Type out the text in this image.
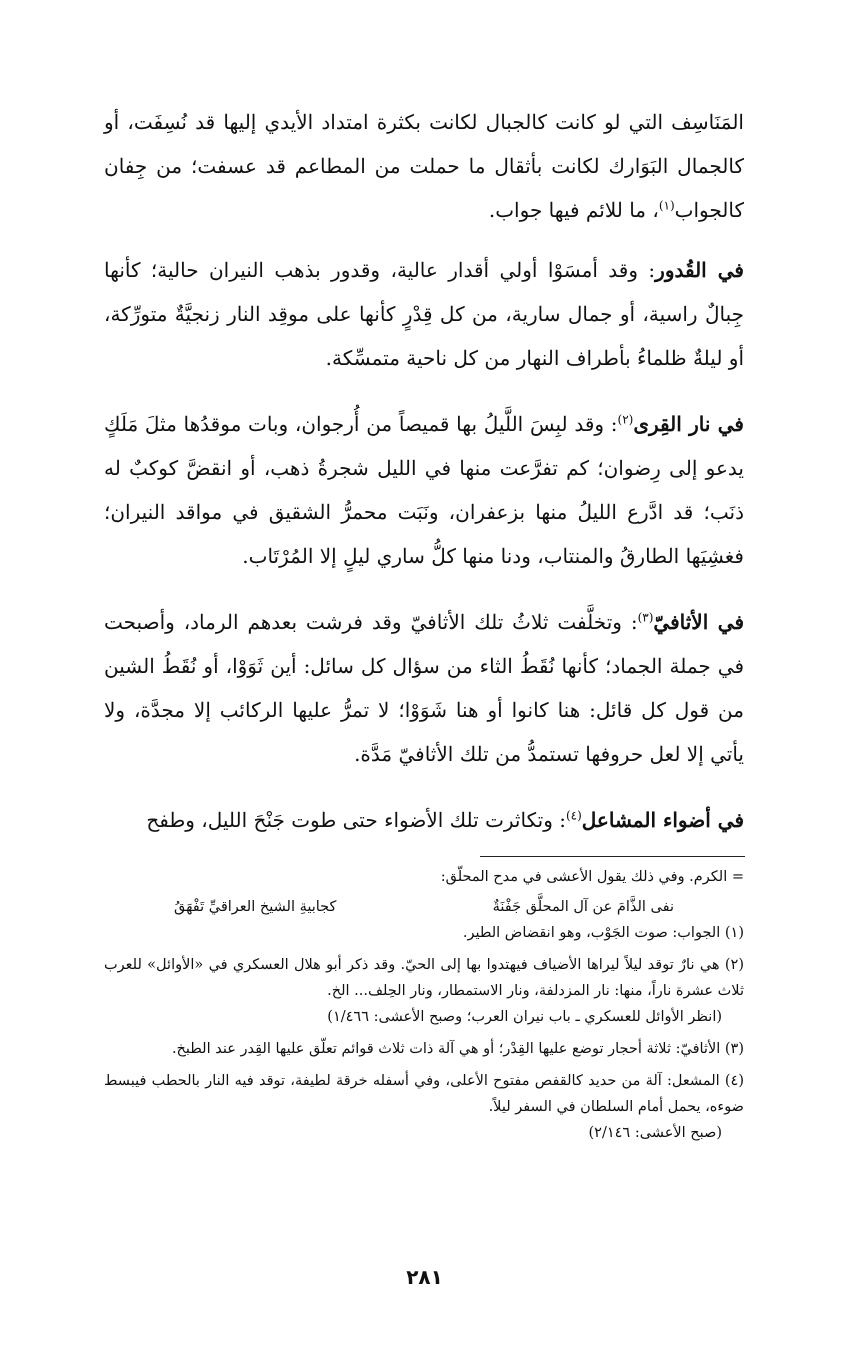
المَنَاسِف التي لو كانت كالجبال لكانت بكثرة امتداد الأيدي إليها قد نُسِفَت، أو كالجمال البَوَارك لكانت بأثقال ما حملت من المطاعم قد عسفت؛ من جِفان كالجواب$^{(١)}$، ما للائم فيها جواب.

في القُدور: وقد أمسَوْا أولي أقدار عالية، وقدور بذهب النيران حالية؛ كأنها جِبالٌ راسية، أو جمال سارية، من كل قِدْرٍ كأنها على موقِد النار زنجيَّةٌ متورِّكة، أو ليلةٌ ظلماءُ بأطراف النهار من كل ناحية متمسِّكة.

في نار القِرى$^{(٢)}$: وقد لبِسَ اللَّيلُ بها قميصاً من أُرجوان، وبات موقدُها مثلَ مَلَكٍ يدعو إلى رِضوان؛ كم تفرَّعت منها في الليل شجرةُ ذهب، أو انقضَّ كوكبٌ له ذنَب؛ قد ادَّرع الليلُ منها بزعفران، ونَبَت محمرُّ الشقيق في مواقد النيران؛ فغشِيَها الطارقُ والمنتاب، ودنا منها كلُّ ساري ليلٍ إلا المُرْتَاب.

في الأثافيّ$^{(٣)}$: وتخلَّفت ثلاثُ تلك الأثافيّ وقد فرشت بعدهم الرماد، وأصبحت في جملة الجماد؛ كأنها نُقَطُ الثاء من سؤال كل سائل: أين ثَوَوْا، أو نُقَطُ الشين من قول كل قائل: هنا كانوا أو هنا شَوَوْا؛ لا تمرُّ عليها الركائب إلا مجدَّة، ولا يأتي إلا لعل حروفها تستمدُّ من تلك الأثافيّ مَدَّة.

في أضواء المشاعل$^{(٤)}$: وتكاثرت تلك الأضواء حتى طوت جَنْحَ الليل، وطفح

= الكرم. وفي ذلك يقول الأعشى في مدح المحلّق:

نفى الذَّامَ عن آل المحلَّق جَفْنَةٌ
كجابيةِ الشيخ العراقيِّ تَفْهَقُ

(١) الجواب: صوت الجَوْب، وهو انقضاض الطير.

(٢) هي نارٌ توقد ليلاً ليراها الأضياف فيهتدوا بها إلى الحيّ. وقد ذكر أبو هلال العسكري في «الأوائل» للعرب ثلاث عشرة ناراً، منها: نار المزدلفة، ونار الاستمطار، ونار الحِلف... الخ.

(انظر الأوائل للعسكري ـ باب نيران العرب؛ وصبح الأعشى: ١/٤٦٦)

(٣) الأثافيّ: ثلاثة أحجار توضع عليها القِدْر؛ أو هي آلة ذات ثلاث قوائم تعلّق عليها القِدر عند الطبخ.

(٤) المشعل: آلة من حديد كالقفص مفتوح الأعلى، وفي أسفله خرقة لطيفة، توقد فيه النار بالحطب فيبسط ضوءه، يحمل أمام السلطان في السفر ليلاً.

(صبح الأعشى: ٢/١٤٦)

٢٨١
